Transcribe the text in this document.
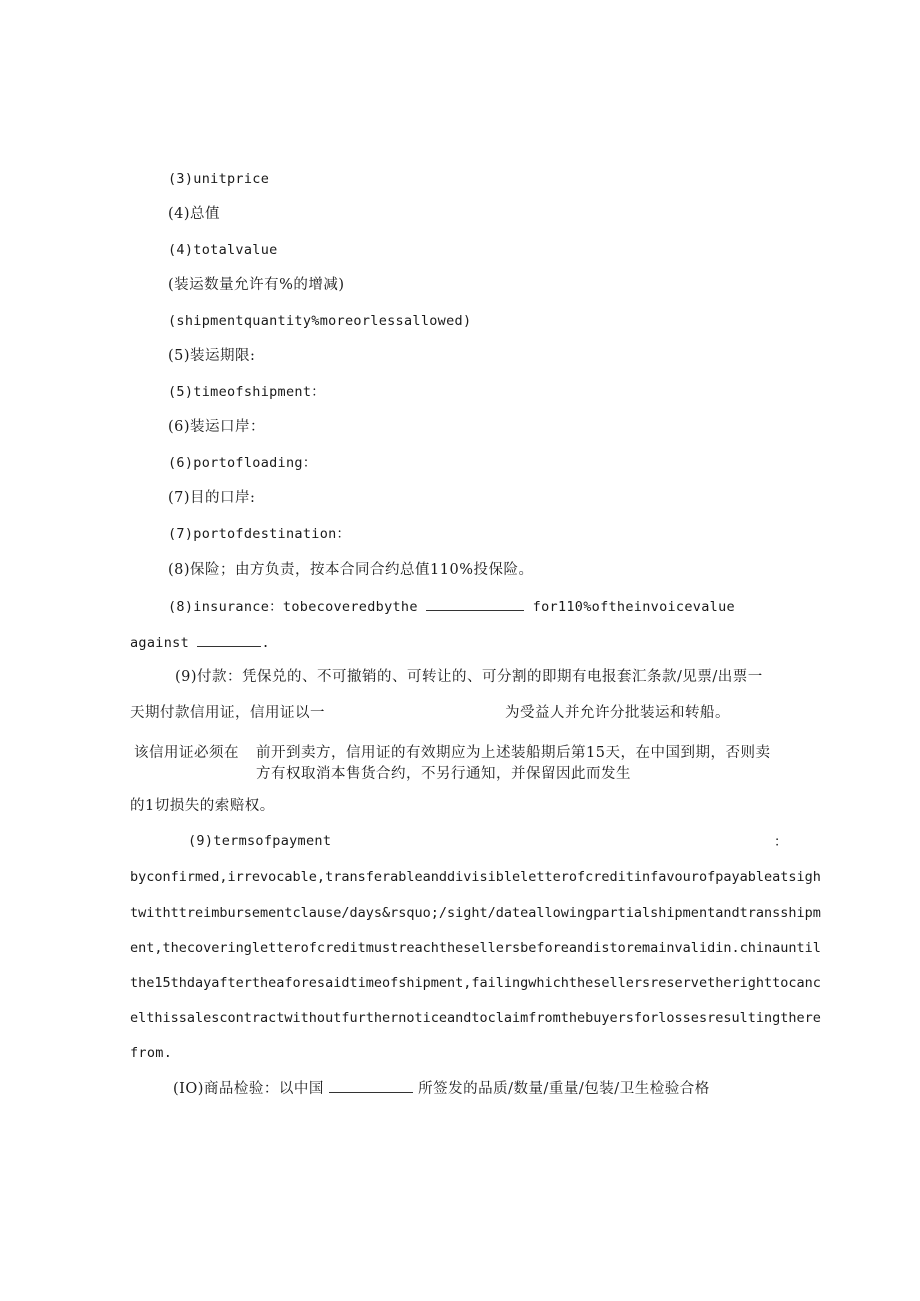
(3)unitprice
(4)总值
(4)totalvalue
(装运数量允许有%的增减)
(shipmentquantity%moreorlessallowed)
(5)装运期限:
(5)timeofshipment：
(6)装运口岸：
(6)portofloading：
(7)目的口岸:
(7)portofdestination：
(8)保险；由方负责，按本合同合约总值110%投保险。
(8)insurance：tobecoveredbythe	for110%oftheinvoicevalue
against	.
(9)付款：凭保兑的、不可撤销的、可转让的、可分割的即期有电报套汇条款/见票/出票一
天期付款信用证，信用证以一	为受益人并允许分批装运和转船。
该信用证必须在 前开到卖方，信用证的有效期应为上述装船期后第15天，在中国到期，否则卖
方有权取消本售货合约，不另行通知，并保留因此而发生
的1切损失的索赔权。
(9)termsofpayment	：
byconfirmed,irrevocable,transferableanddivisibleletterofcreditinfavourofpayableatsigh
twithttreimbursementclause/days&rsquo;/sight/dateallowingpartialshipmentandtransshipm
ent,thecoveringletterofcreditmustreachthesellersbeforeandistoremainvalidin.chinauntil
the15thdayaftertheaforesaidtimeofshipment,failingwhichthesellersreservetherighttocanc
elthissalescontractwithoutfurthernoticeandtoclaimfromthebuyersforlossesresultingthere
from.
(IO)商品检验：以中国	所签发的品质/数量/重量/包装/卫生检验合格
